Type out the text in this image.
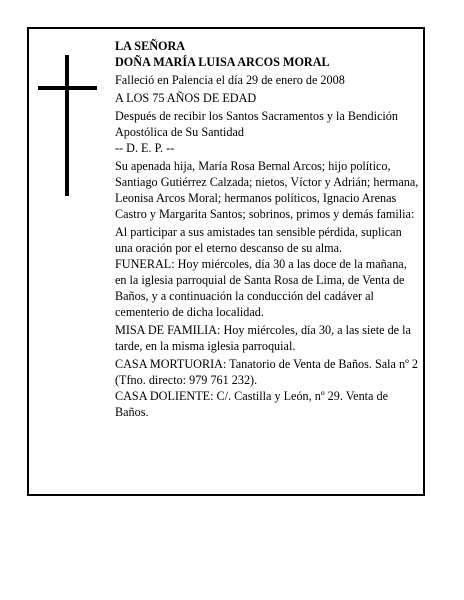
LA SEÑORA

DOÑA MARÍA LUISA ARCOS MORAL

Falleció en Palencia el día 29 de enero de 2008

A LOS 75 AÑOS DE EDAD

Después de recibir los Santos Sacramentos y la Bendición Apostólica de Su Santidad

-- D. E. P. --

Su apenada hija, María Rosa Bernal Arcos; hijo político, Santiago Gutiérrez Calzada; nietos, Víctor y Adrián; hermana, Leonisa Arcos Moral; hermanos políticos, Ignacio Arenas Castro y Margarita Santos; sobrinos, primos y demás familia:

Al participar a sus amistades tan sensible pérdida, suplican una oración por el eterno descanso de su alma.

FUNERAL: Hoy miércoles, día 30 a las doce de la mañana, en la iglesia parroquial de Santa Rosa de Lima, de Venta de Baños, y a continuación la conducción del cadáver al cementerio de dicha localidad.

MISA DE FAMILIA: Hoy miércoles, día 30, a las siete de la tarde, en la misma iglesia parroquial.

CASA MORTUORIA: Tanatorio de Venta de Baños. Sala nº 2 (Tfno. directo: 979 761 232).

CASA DOLIENTE: C/. Castilla y León, nº 29. Venta de Baños.
